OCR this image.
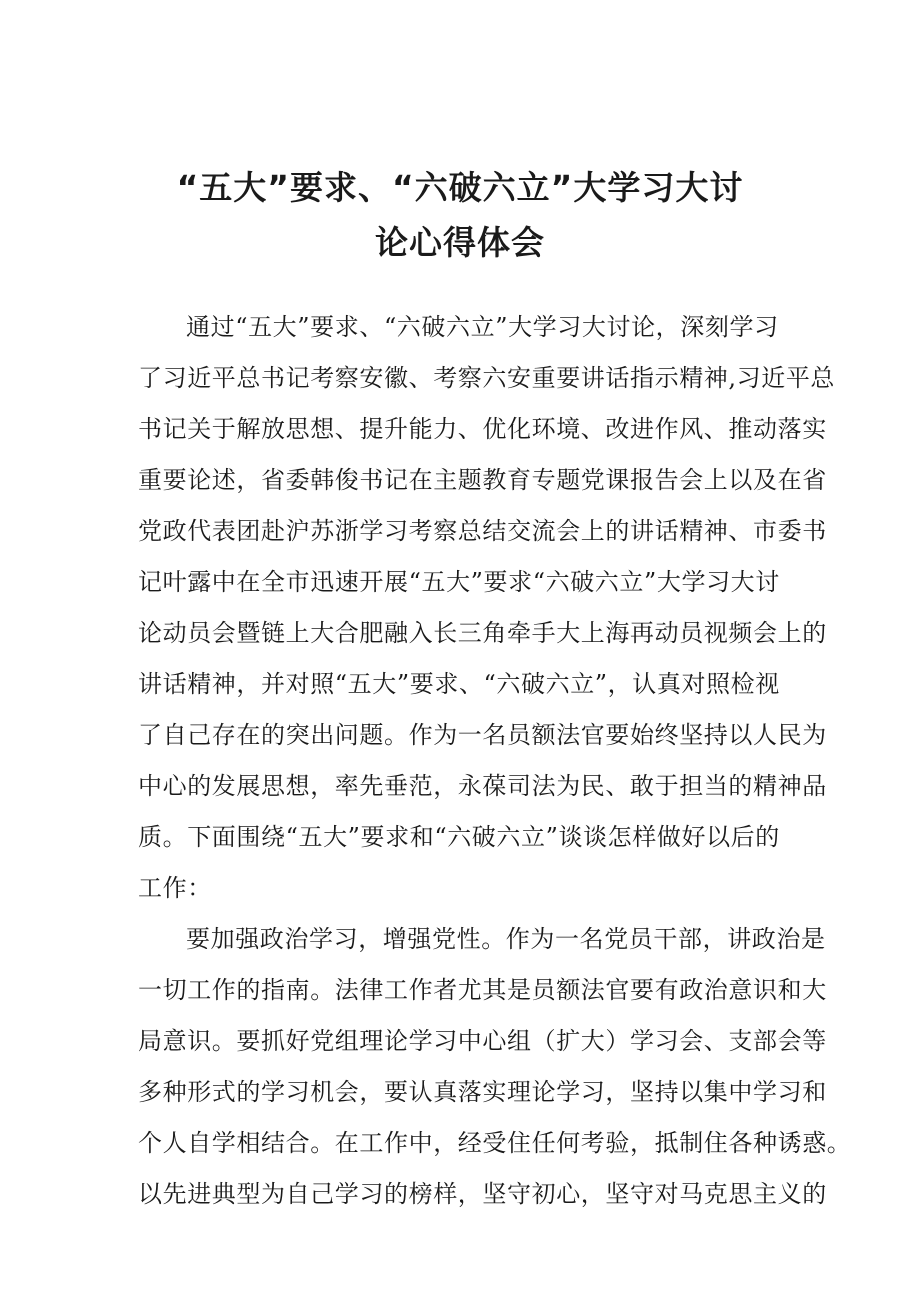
“五大”要求、“六破六立”大学习大讨
论心得体会
通过“五大”要求、“六破六立”大学习大讨论，深刻学习
了习近平总书记考察安徽、考察六安重要讲话指示精神,习近平总
书记关于解放思想、提升能力、优化环境、改进作风、推动落实
重要论述，省委韩俊书记在主题教育专题党课报告会上以及在省
党政代表团赴沪苏浙学习考察总结交流会上的讲话精神、市委书
记叶露中在全市迅速开展“五大”要求“六破六立”大学习大讨
论动员会暨链上大合肥融入长三角牵手大上海再动员视频会上的
讲话精神，并对照“五大”要求、“六破六立”，认真对照检视
了自己存在的突出问题。作为一名员额法官要始终坚持以人民为
中心的发展思想，率先垂范，永葆司法为民、敢于担当的精神品
质。下面围绕“五大”要求和“六破六立”谈谈怎样做好以后的
工作：
要加强政治学习，增强党性。作为一名党员干部，讲政治是
一切工作的指南。法律工作者尤其是员额法官要有政治意识和大
局意识。要抓好党组理论学习中心组（扩大）学习会、支部会等
多种形式的学习机会，要认真落实理论学习，坚持以集中学习和
个人自学相结合。在工作中，经受住任何考验，抵制住各种诱惑。
以先进典型为自己学习的榜样，坚守初心，坚守对马克思主义的
